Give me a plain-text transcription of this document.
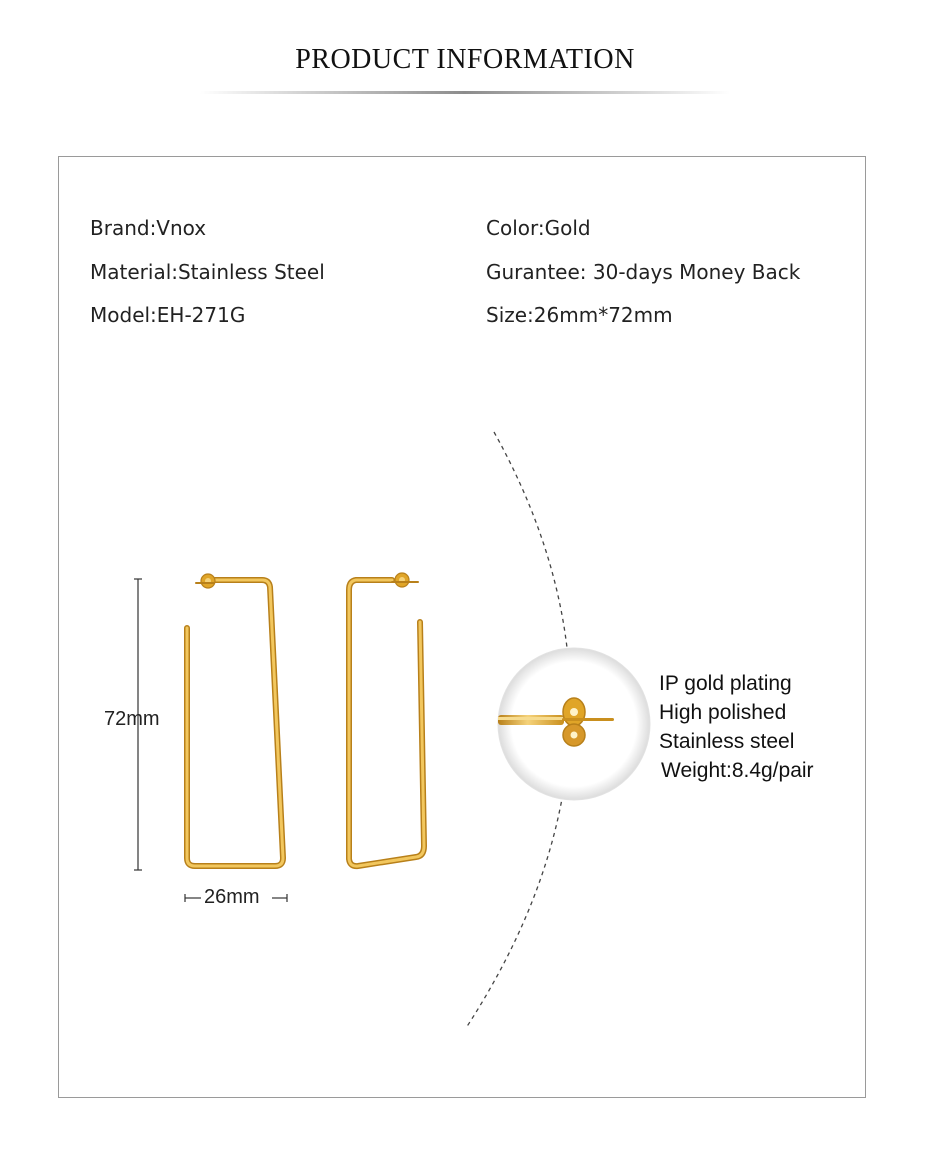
PRODUCT INFORMATION
Brand:Vnox
Material:Stainless Steel
Model:EH-271G
Color:Gold
Gurantee: 30-days Money Back
Size:26mm*72mm
72mm
26mm
IP gold plating
High polished
Stainless steel
Weight:8.4g/pair
